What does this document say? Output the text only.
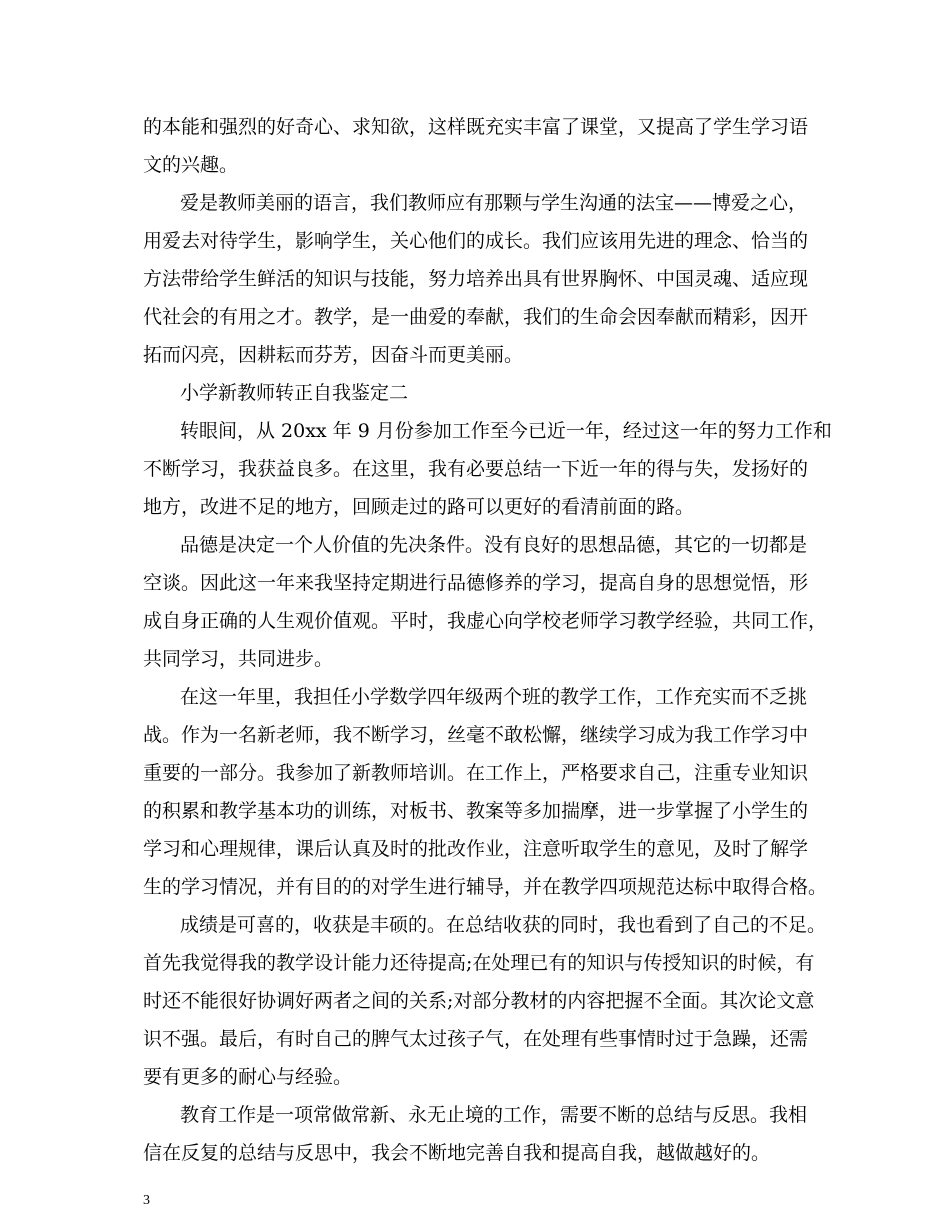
的本能和强烈的好奇心、求知欲，这样既充实丰富了课堂，又提高了学生学习语
文的兴趣。
爱是教师美丽的语言，我们教师应有那颗与学生沟通的法宝——博爱之心，
用爱去对待学生，影响学生，关心他们的成长。我们应该用先进的理念、恰当的
方法带给学生鲜活的知识与技能，努力培养出具有世界胸怀、中国灵魂、适应现
代社会的有用之才。教学，是一曲爱的奉献，我们的生命会因奉献而精彩，因开
拓而闪亮，因耕耘而芬芳，因奋斗而更美丽。
小学新教师转正自我鉴定二
转眼间，从 20xx 年 9 月份参加工作至今已近一年，经过这一年的努力工作和
不断学习，我获益良多。在这里，我有必要总结一下近一年的得与失，发扬好的
地方，改进不足的地方，回顾走过的路可以更好的看清前面的路。
品德是决定一个人价值的先决条件。没有良好的思想品德，其它的一切都是
空谈。因此这一年来我坚持定期进行品德修养的学习，提高自身的思想觉悟，形
成自身正确的人生观价值观。平时，我虚心向学校老师学习教学经验，共同工作，
共同学习，共同进步。
在这一年里，我担任小学数学四年级两个班的教学工作，工作充实而不乏挑
战。作为一名新老师，我不断学习，丝毫不敢松懈，继续学习成为我工作学习中
重要的一部分。我参加了新教师培训。在工作上，严格要求自己，注重专业知识
的积累和教学基本功的训练，对板书、教案等多加揣摩，进一步掌握了小学生的
学习和心理规律，课后认真及时的批改作业，注意听取学生的意见，及时了解学
生的学习情况，并有目的的对学生进行辅导，并在教学四项规范达标中取得合格。
成绩是可喜的，收获是丰硕的。在总结收获的同时，我也看到了自己的不足。
首先我觉得我的教学设计能力还待提高;在处理已有的知识与传授知识的时候，有
时还不能很好协调好两者之间的关系;对部分教材的内容把握不全面。其次论文意
识不强。最后，有时自己的脾气太过孩子气，在处理有些事情时过于急躁，还需
要有更多的耐心与经验。
教育工作是一项常做常新、永无止境的工作，需要不断的总结与反思。我相
信在反复的总结与反思中，我会不断地完善自我和提高自我，越做越好的。
3
